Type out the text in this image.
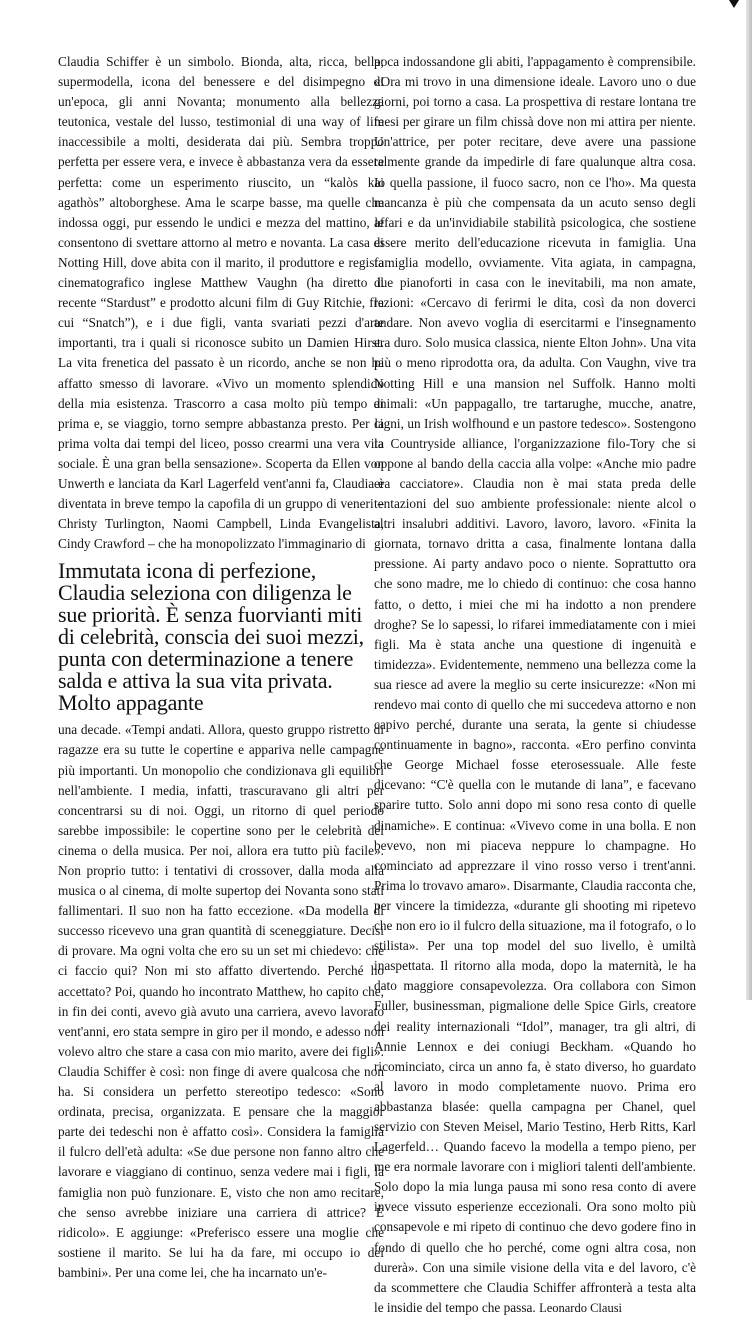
Claudia Schiffer è un simbolo. Bionda, alta, ricca, bella; supermodella, icona del benessere e del disimpegno di un'epoca, gli anni Novanta; monumento alla bellezza teutonica, vestale del lusso, testimonial di una way of life inaccessibile a molti, desiderata dai più. Sembra troppo perfetta per essere vera, e invece è abbastanza vera da essere perfetta: come un esperimento riuscito, un “kalòs kai agathòs” altoborghese. Ama le scarpe basse, ma quelle che indossa oggi, pur essendo le undici e mezza del mattino, le consentono di svettare attorno al metro e novanta. La casa di Notting Hill, dove abita con il marito, il produttore e regista cinematografico inglese Matthew Vaughn (ha diretto il recente “Stardust” e prodotto alcuni film di Guy Ritchie, fra cui “Snatch”), e i due figli, vanta svariati pezzi d'arte importanti, tra i quali si riconosce subito un Damien Hirst. La vita frenetica del passato è un ricordo, anche se non ha affatto smesso di lavorare. «Vivo un momento splendido della mia esistenza. Trascorro a casa molto più tempo di prima e, se viaggio, torno sempre abbastanza presto. Per la prima volta dai tempi del liceo, posso crearmi una vera vita sociale. È una gran bella sensazione». Scoperta da Ellen von Unwerth e lanciata da Karl Lagerfeld vent'anni fa, Claudia è diventata in breve tempo la capofila di un gruppo di veneri – Christy Turlington, Naomi Campbell, Linda Evangelista, Cindy Crawford – che ha monopolizzato l'immaginario di

Immutata icona di perfezione, Claudia seleziona con diligenza le sue priorità. È senza fuorvianti miti di celebrità, conscia dei suoi mezzi, punta con determinazione a tenere salda e attiva la sua vita privata. Molto appagante

una decade. «Tempi andati. Allora, questo gruppo ristretto di ragazze era su tutte le copertine e appariva nelle campagne più importanti. Un monopolio che condizionava gli equilibri nell'ambiente. I media, infatti, trascuravano gli altri per concentrarsi su di noi. Oggi, un ritorno di quel periodo sarebbe impossibile: le copertine sono per le celebrità del cinema o della musica. Per noi, allora era tutto più facile». Non proprio tutto: i tentativi di crossover, dalla moda alla musica o al cinema, di molte supertop dei Novanta sono stati fallimentari. Il suo non ha fatto eccezione. «Da modella di successo ricevevo una gran quantità di sceneggiature. Decisi di provare. Ma ogni volta che ero su un set mi chiedevo: che ci faccio qui? Non mi sto affatto divertendo. Perché ho accettato? Poi, quando ho incontrato Matthew, ho capito che, in fin dei conti, avevo già avuto una carriera, avevo lavorato vent'anni, ero stata sempre in giro per il mondo, e adesso non volevo altro che stare a casa con mio marito, avere dei figli». Claudia Schiffer è così: non finge di avere qualcosa che non ha. Si considera un perfetto stereotipo tedesco: «Sono ordinata, precisa, organizzata. E pensare che la maggior parte dei tedeschi non è affatto così». Considera la famiglia il fulcro dell'età adulta: «Se due persone non fanno altro che lavorare e viaggiano di continuo, senza vedere mai i figli, la famiglia non può funzionare. E, visto che non amo recitare, che senso avrebbe iniziare una carriera di attrice? È ridicolo». E aggiunge: «Preferisco essere una moglie che sostiene il marito. Se lui ha da fare, mi occupo io dei bambini». Per una come lei, che ha incarnato un'e-

poca indossandone gli abiti, l'appagamento è comprensibile. «Ora mi trovo in una dimensione ideale. Lavoro uno o due giorni, poi torno a casa. La prospettiva di restare lontana tre mesi per girare un film chissà dove non mi attira per niente. Un'attrice, per poter recitare, deve avere una passione talmente grande da impedirle di fare qualunque altra cosa. Io quella passione, il fuoco sacro, non ce l'ho». Ma questa mancanza è più che compensata da un acuto senso degli affari e da un'invidiabile stabilità psicologica, che sostiene essere merito dell'educazione ricevuta in famiglia. Una famiglia modello, ovviamente. Vita agiata, in campagna, due pianoforti in casa con le inevitabili, ma non amate, lezioni: «Cercavo di ferirmi le dita, così da non doverci andare. Non avevo voglia di esercitarmi e l'insegnamento era duro. Solo musica classica, niente Elton John». Una vita più o meno riprodotta ora, da adulta. Con Vaughn, vive tra Notting Hill e una mansion nel Suffolk. Hanno molti animali: «Un pappagallo, tre tartarughe, mucche, anatre, cigni, un Irish wolfhound e un pastore tedesco». Sostengono la Countryside alliance, l'organizzazione filo-Tory che si oppone al bando della caccia alla volpe: «Anche mio padre era cacciatore». Claudia non è mai stata preda delle tentazioni del suo ambiente professionale: niente alcol o altri insalubri additivi. Lavoro, lavoro, lavoro. «Finita la giornata, tornavo dritta a casa, finalmente lontana dalla pressione. Ai party andavo poco o niente. Soprattutto ora che sono madre, me lo chiedo di continuo: che cosa hanno fatto, o detto, i miei che mi ha indotto a non prendere droghe? Se lo sapessi, lo rifarei immediatamente con i miei figli. Ma è stata anche una questione di ingenuità e timidezza». Evidentemente, nemmeno una bellezza come la sua riesce ad avere la meglio su certe insicurezze: «Non mi rendevo mai conto di quello che mi succedeva attorno e non capivo perché, durante una serata, la gente si chiudesse continuamente in bagno», racconta. «Ero perfino convinta che George Michael fosse eterosessuale. Alle feste dicevano: “C'è quella con le mutande di lana”, e facevano sparire tutto. Solo anni dopo mi sono resa conto di quelle dinamiche». E continua: «Vivevo come in una bolla. E non bevevo, non mi piaceva neppure lo champagne. Ho cominciato ad apprezzare il vino rosso verso i trent'anni. Prima lo trovavo amaro». Disarmante, Claudia racconta che, per vincere la timidezza, «durante gli shooting mi ripetevo che non ero io il fulcro della situazione, ma il fotografo, o lo stilista». Per una top model del suo livello, è umiltà inaspettata. Il ritorno alla moda, dopo la maternità, le ha dato maggiore consapevolezza. Ora collabora con Simon Fuller, businessman, pigmalione delle Spice Girls, creatore dei reality internazionali “Idol”, manager, tra gli altri, di Annie Lennox e dei coniugi Beckham. «Quando ho ricominciato, circa un anno fa, è stato diverso, ho guardato al lavoro in modo completamente nuovo. Prima ero abbastanza blasée: quella campagna per Chanel, quel servizio con Steven Meisel, Mario Testino, Herb Ritts, Karl Lagerfeld… Quando facevo la modella a tempo pieno, per me era normale lavorare con i migliori talenti dell'ambiente. Solo dopo la mia lunga pausa mi sono resa conto di avere invece vissuto esperienze eccezionali. Ora sono molto più consapevole e mi ripeto di continuo che devo godere fino in fondo di quello che ho perché, come ogni altra cosa, non durerà». Con una simile visione della vita e del lavoro, c'è da scommettere che Claudia Schiffer affronterà a testa alta le insidie del tempo che passa. Leonardo Clausi
